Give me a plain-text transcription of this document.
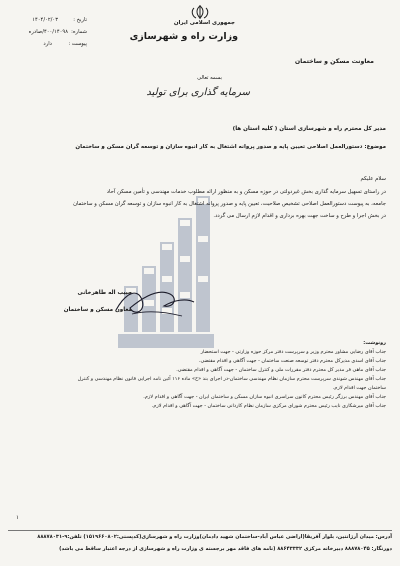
تاریخ :
۱۴۰۴/۰۲/۰۳
شماره:
۴۰۰/۱۴۰۹۸/صادره
پیوست :
دارد
جمهوری اسلامی ایران
وزارت راه و شهرسازی
معاونت مسکن و ساختمان
بسمه تعالی
سرمایه گذاری برای تولید
مدیر کل محترم راه و شهرسازی استان ( کلیه استان ها)
موضوع: دستورالعمل اصلاحی تعیین پایه و صدور پروانه اشتغال به کار انبوه سازان و توسعه گران مسکن و ساختمان
سلام علیکم
در راستای تسهیل سرمایه گذاری بخش غیردولتی در حوزه مسکن و به منظور ارائه مطلوب خدمات مهندسی و تأمین مسکن آحاد
جامعه، به پیوست دستورالعمل اصلاحی تشخیص صلاحیت، تعیین پایه و صدور پروانه اشتغال به کار انبوه سازان و توسعه گران مسکن و ساختمان
در بخش اجرا و طرح و ساخت جهت بهره برداری و اقدام لازم ارسال می گردد.
حبیب اله طاهرخانی
معاون مسکن و ساختمان
رونوشت:
جناب آقای رضایی مشاور محترم وزیر و سرپرست دفتر مرکز حوزه وزارتی - جهت استحضار
جناب آقای اسدی مدیرکل محترم دفتر توسعه صنعت ساختمان - جهت آگاهی و اقدام مقتضی.
جناب آقای ماهی فر مدیر کل محترم دفتر مقررات ملی و کنترل ساختمان - جهت آگاهی و اقدام مقتضی.
جناب آقای مهندس شوندی سرپرست محترم سازمان نظام مهندسی ساختمان-در اجرای بند «ح» ماده ۱۱۶ آئین نامه اجرایی قانون نظام مهندسی و کنترل
ساختمان جهت اقدام لازم.
جناب آقای مهندس برزگر رئیس محترم کانون سراسری انبوه سازان مسکن و ساختمان ایران - جهت آگاهی و اقدام لازم.
جناب آقای میرشکاری نایب رئیس محترم شورای مرکزی سازمان نظام کاردانی ساختمان - جهت آگاهی و اقدام لازم.
۱
آدرس: میدان آرژانتین، بلوار آفریقا(اراضی عباس آباد-ساختمان شهید دادمان)وزارت راه و شهرسازی(کدپستی:۱۵۱۹۶۶۰۸۰۲) تلفن:۹-۸۸۸۷۸۰۳۱
دورنگار: ۸۸۸۷۸۰۴۵ دبیرخانه مرکزی ۸۸۶۴۳۳۳۲ (نامه های فاقد مهر برجسته ی وزارت راه و شهرسازی از درجه اعتبار ساقط می باشد)
